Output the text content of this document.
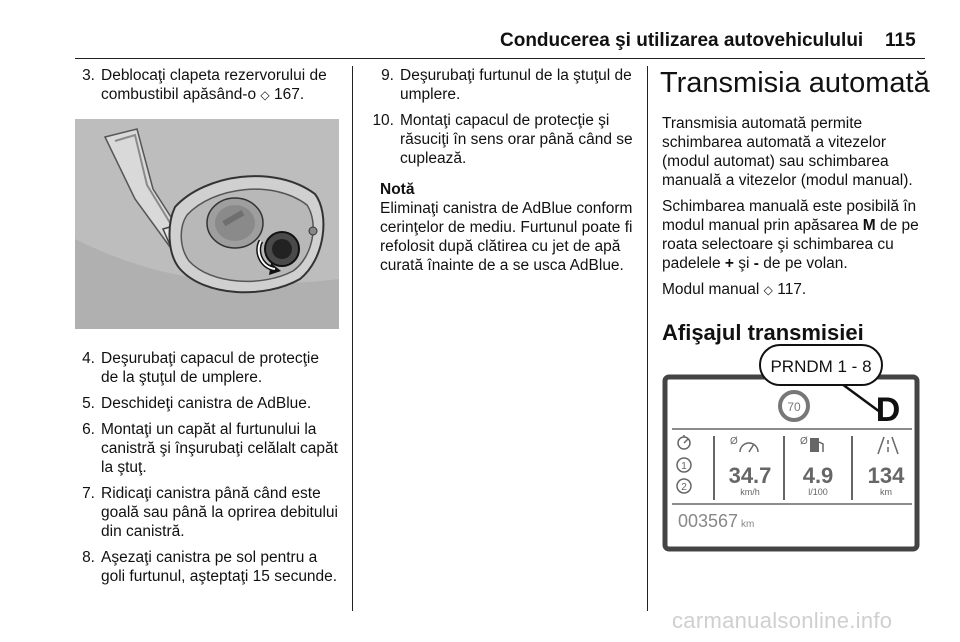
Conducerea şi utilizarea autovehiculului 115
3. Deblocaţi clapeta rezervorului de combustibil apăsând-o ◇ 167.
4. Deşurubaţi capacul de protecţie de la ştuţul de umplere.
5. Deschideţi canistra de AdBlue.
6. Montaţi un capăt al furtunului la canistră şi înşurubaţi celălalt capăt la ştuţ.
7. Ridicaţi canistra până când este goală sau până la oprirea debitului din canistră.
8. Aşezaţi canistra pe sol pentru a goli furtunul, aşteptaţi 15 secunde.
9. Deşurubaţi furtunul de la ştuţul de umplere.
10. Montaţi capacul de protecţie şi răsuciţi în sens orar până când se cuplează.
Notă

Eliminaţi canistra de AdBlue conform cerinţelor de mediu. Furtunul poate fi refolosit după clătirea cu jet de apă curată înainte de a se usca AdBlue.

Transmisia automată

Transmisia automată permite schimbarea automată a vitezelor (modul automat) sau schimbarea manuală a vitezelor (modul manual).

Schimbarea manuală este posibilă în modul manual prin apăsarea M de pe roata selectoare şi schimbarea cu padelele + şi - de pe volan.

Modul manual ◇ 117.

Afişajul transmisiei
PRNDM 1 - 8
70 D
1
2
Ø	Ø
34.7
km/h
4.9
l/100
134
km
003567 km
carmanualsonline.info
